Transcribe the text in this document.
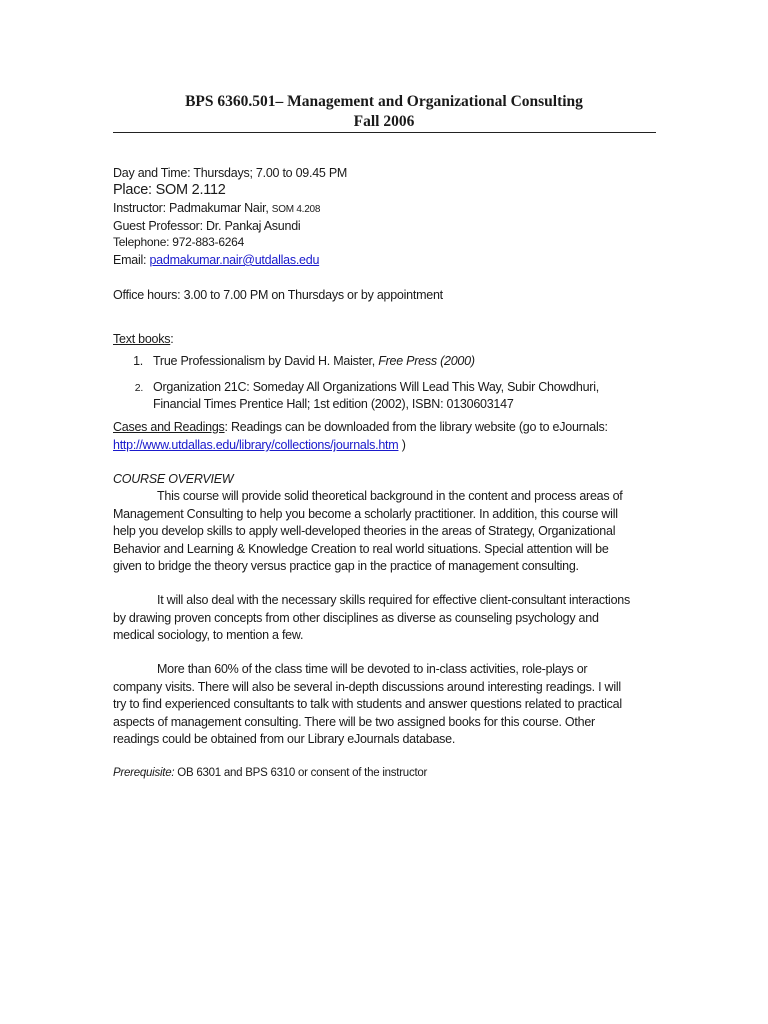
BPS 6360.501– Management and Organizational Consulting
Fall 2006
Day and Time: Thursdays; 7.00 to 09.45 PM
Place: SOM 2.112
Instructor: Padmakumar Nair, SOM 4.208
Guest Professor: Dr. Pankaj Asundi
Telephone: 972-883-6264
Email: padmakumar.nair@utdallas.edu
Office hours: 3.00 to 7.00 PM on Thursdays or by appointment
Text books:
1. True Professionalism by David H. Maister, Free Press (2000)
2. Organization 21C: Someday All Organizations Will Lead This Way, Subir Chowdhuri,
Financial Times Prentice Hall; 1st edition (2002), ISBN: 0130603147
Cases and Readings: Readings can be downloaded from the library website (go to eJournals:
http://www.utdallas.edu/library/collections/journals.htm )
COURSE OVERVIEW
This course will provide solid theoretical background in the content and process areas of
Management Consulting to help you become a scholarly practitioner. In addition, this course will
help you develop skills to apply well-developed theories in the areas of Strategy, Organizational
Behavior and Learning & Knowledge Creation to real world situations. Special attention will be
given to bridge the theory versus practice gap in the practice of management consulting.
It will also deal with the necessary skills required for effective client-consultant interactions
by drawing proven concepts from other disciplines as diverse as counseling psychology and
medical sociology, to mention a few.
More than 60% of the class time will be devoted to in-class activities, role-plays or
company visits. There will also be several in-depth discussions around interesting readings. I will
try to find experienced consultants to talk with students and answer questions related to practical
aspects of management consulting. There will be two assigned books for this course. Other
readings could be obtained from our Library eJournals database.
Prerequisite: OB 6301 and BPS 6310 or consent of the instructor
